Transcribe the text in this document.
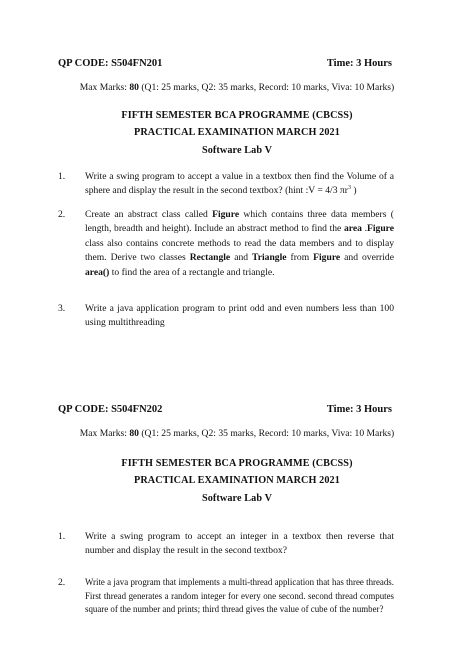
QP CODE: S504FN201	Time: 3 Hours
Max Marks: 80 (Q1: 25 marks, Q2: 35 marks, Record: 10 marks, Viva: 10 Marks)
FIFTH SEMESTER BCA PROGRAMME (CBCSS)
PRACTICAL EXAMINATION MARCH 2021
Software Lab V
1. Write a swing program to accept a value in a textbox then find the Volume of a sphere and display the result in the second textbox? (hint :V = 4/3 $\pi r^3$ )
2. Create an abstract class called Figure which contains three data members ( length, breadth and height). Include an abstract method to find the area .Figure class also contains concrete methods to read the data members and to display them. Derive two classes Rectangle and Triangle from Figure and override area() to find the area of a rectangle and triangle.
3. Write a java application program to print odd and even numbers less than 100 using multithreading
QP CODE: S504FN202	Time: 3 Hours
Max Marks: 80 (Q1: 25 marks, Q2: 35 marks, Record: 10 marks, Viva: 10 Marks)
FIFTH SEMESTER BCA PROGRAMME (CBCSS)
PRACTICAL EXAMINATION MARCH 2021
Software Lab V
1. Write a swing program to accept an integer in a textbox then reverse that number and display the result in the second textbox?
2. Write a java program that implements a multi-thread application that has three threads. First thread generates a random integer for every one second. second thread computes square of the number and prints; third thread gives the value of cube of the number?
